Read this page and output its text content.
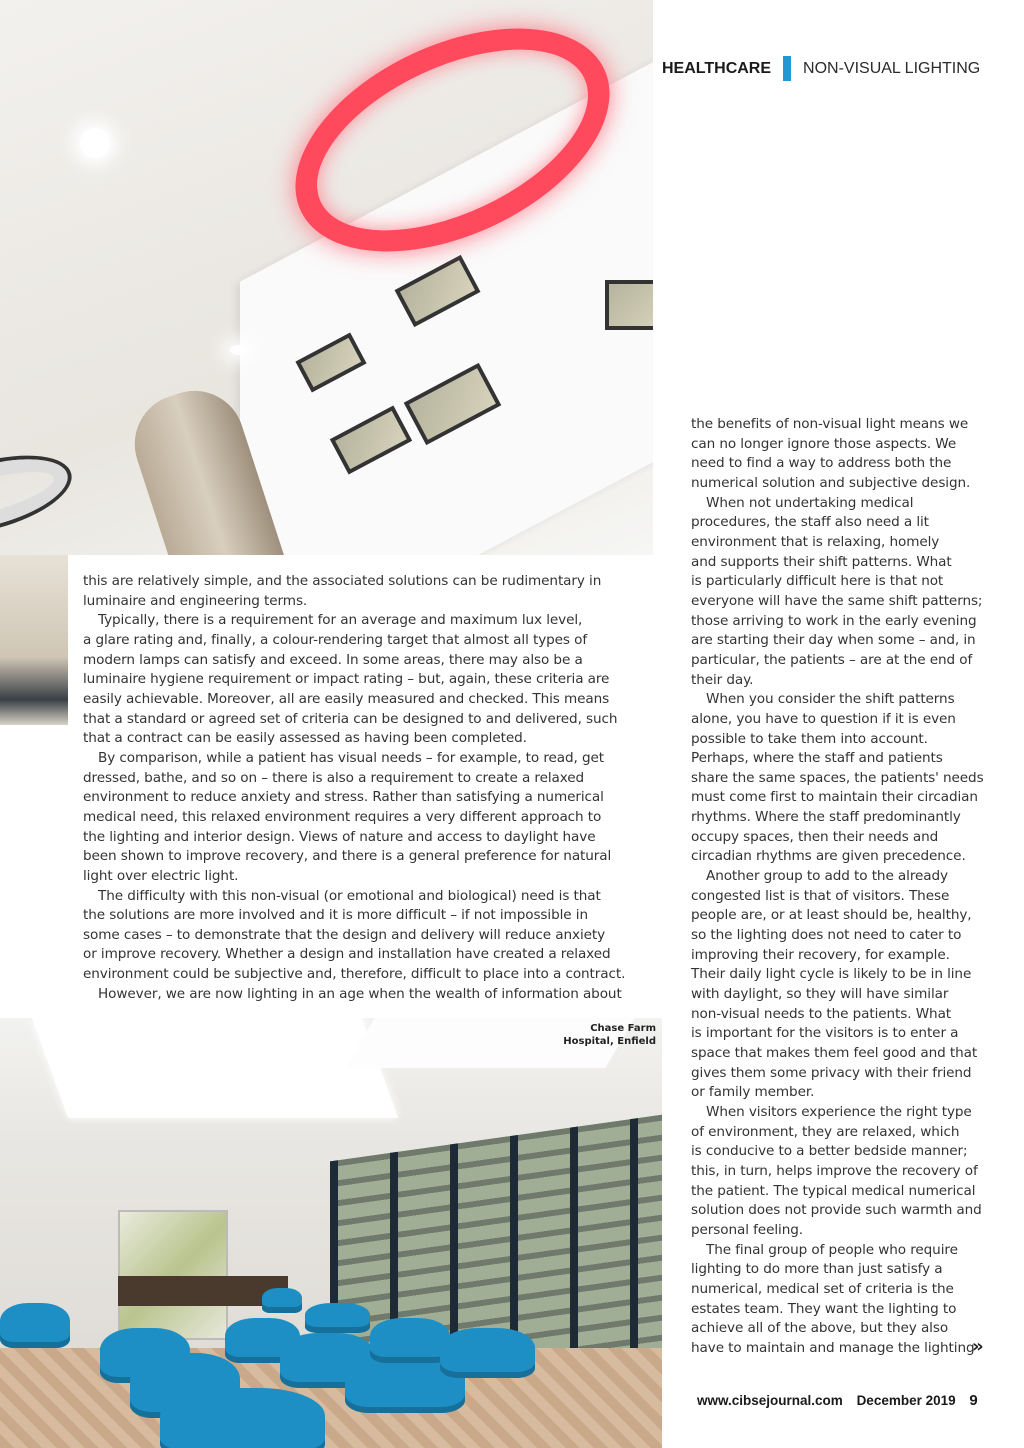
HEALTHCARE NON-VISUAL LIGHTING
this are relatively simple, and the associated solutions can be rudimentary in
luminaire and engineering terms.
Typically, there is a requirement for an average and maximum lux level,
a glare rating and, finally, a colour-rendering target that almost all types of
modern lamps can satisfy and exceed. In some areas, there may also be a
luminaire hygiene requirement or impact rating – but, again, these criteria are
easily achievable. Moreover, all are easily measured and checked. This means
that a standard or agreed set of criteria can be designed to and delivered, such
that a contract can be easily assessed as having been completed.
By comparison, while a patient has visual needs – for example, to read, get
dressed, bathe, and so on – there is also a requirement to create a relaxed
environment to reduce anxiety and stress. Rather than satisfying a numerical
medical need, this relaxed environment requires a very different approach to
the lighting and interior design. Views of nature and access to daylight have
been shown to improve recovery, and there is a general preference for natural
light over electric light.
The difficulty with this non-visual (or emotional and biological) need is that
the solutions are more involved and it is more difficult – if not impossible in
some cases – to demonstrate that the design and delivery will reduce anxiety
or improve recovery. Whether a design and installation have created a relaxed
environment could be subjective and, therefore, difficult to place into a contract.
However, we are now lighting in an age when the wealth of information about
the benefits of non-visual light means we
can no longer ignore those aspects. We
need to find a way to address both the
numerical solution and subjective design.
When not undertaking medical
procedures, the staff also need a lit
environment that is relaxing, homely
and supports their shift patterns. What
is particularly difficult here is that not
everyone will have the same shift patterns;
those arriving to work in the early evening
are starting their day when some – and, in
particular, the patients – are at the end of
their day.
When you consider the shift patterns
alone, you have to question if it is even
possible to take them into account.
Perhaps, where the staff and patients
share the same spaces, the patients' needs
must come first to maintain their circadian
rhythms. Where the staff predominantly
occupy spaces, then their needs and
circadian rhythms are given precedence.
Another group to add to the already
congested list is that of visitors. These
people are, or at least should be, healthy,
so the lighting does not need to cater to
improving their recovery, for example.
Their daily light cycle is likely to be in line
with daylight, so they will have similar
non-visual needs to the patients. What
is important for the visitors is to enter a
space that makes them feel good and that
gives them some privacy with their friend
or family member.
When visitors experience the right type
of environment, they are relaxed, which
is conducive to a better bedside manner;
this, in turn, helps improve the recovery of
the patient. The typical medical numerical
solution does not provide such warmth and
personal feeling.
The final group of people who require
lighting to do more than just satisfy a
numerical, medical set of criteria is the
estates team. They want the lighting to
achieve all of the above, but they also
have to maintain and manage the lighting
Chase Farm
Hospital, Enfield
»
www.cibsejournal.com December 2019 9
